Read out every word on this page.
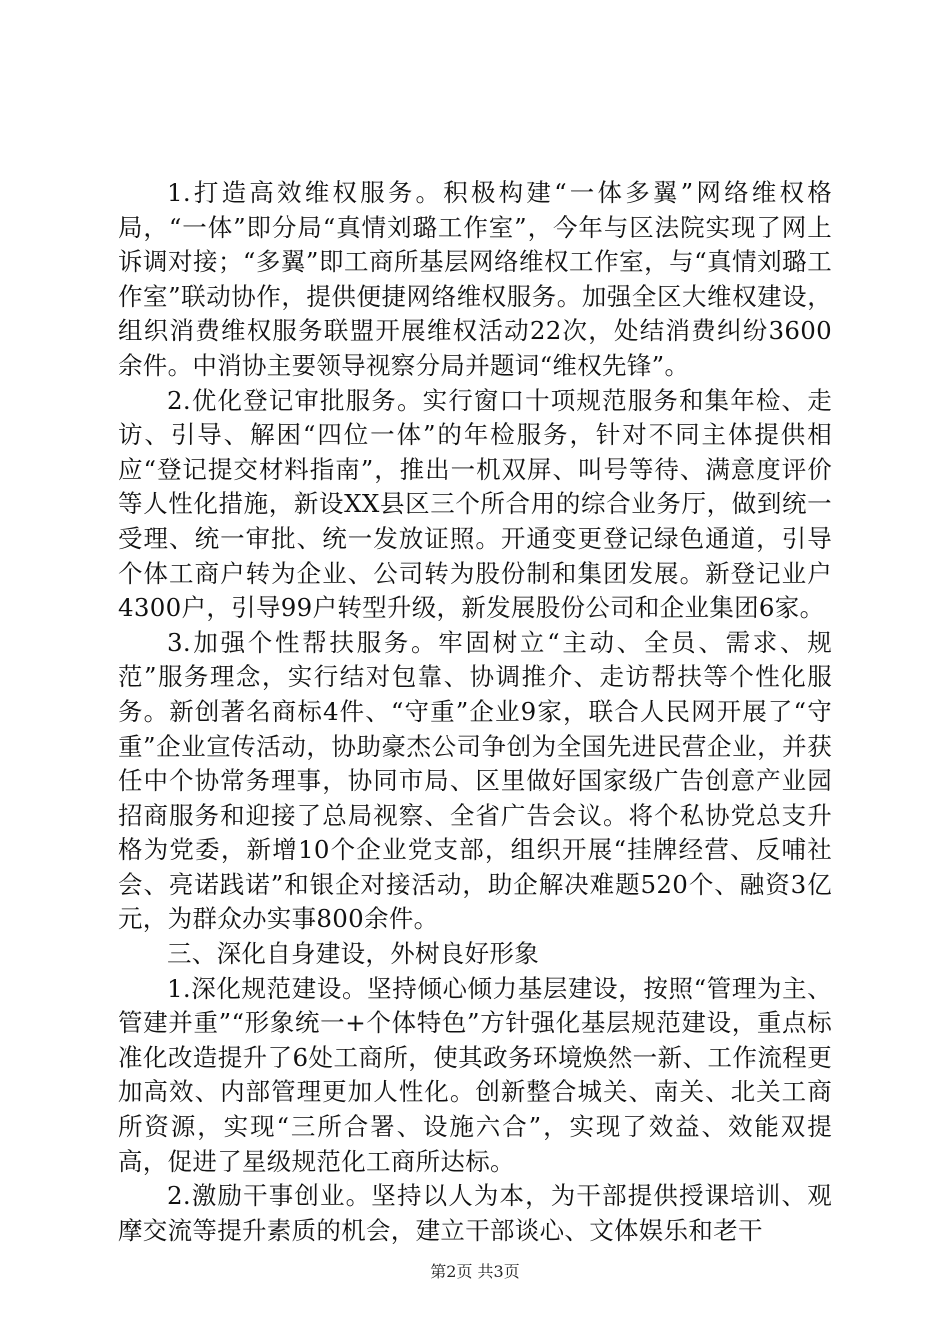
1.打造高效维权服务。积极构建“一体多翼”网络维权格局，“一体”即分局“真情刘璐工作室”，今年与区法院实现了网上诉调对接；“多翼”即工商所基层网络维权工作室，与“真情刘璐工作室”联动协作，提供便捷网络维权服务。加强全区大维权建设，组织消费维权服务联盟开展维权活动22次，处结消费纠纷3600余件。中消协主要领导视察分局并题词“维权先锋”。

2.优化登记审批服务。实行窗口十项规范服务和集年检、走访、引导、解困“四位一体”的年检服务，针对不同主体提供相应“登记提交材料指南”，推出一机双屏、叫号等待、满意度评价等人性化措施，新设XX县区三个所合用的综合业务厅，做到统一受理、统一审批、统一发放证照。开通变更登记绿色通道，引导个体工商户转为企业、公司转为股份制和集团发展。新登记业户4300户，引导99户转型升级，新发展股份公司和企业集团6家。

3.加强个性帮扶服务。牢固树立“主动、全员、需求、规范”服务理念，实行结对包靠、协调推介、走访帮扶等个性化服务。新创著名商标4件、“守重”企业9家，联合人民网开展了“守重”企业宣传活动，协助豪杰公司争创为全国先进民营企业，并获任中个协常务理事，协同市局、区里做好国家级广告创意产业园招商服务和迎接了总局视察、全省广告会议。将个私协党总支升格为党委，新增10个企业党支部，组织开展“挂牌经营、反哺社会、亮诺践诺”和银企对接活动，助企解决难题520个、融资3亿元，为群众办实事800余件。

三、深化自身建设，外树良好形象

1.深化规范建设。坚持倾心倾力基层建设，按照“管理为主、管建并重”“形象统一+个体特色”方针强化基层规范建设，重点标准化改造提升了6处工商所，使其政务环境焕然一新、工作流程更加高效、内部管理更加人性化。创新整合城关、南关、北关工商所资源，实现“三所合署、设施六合”，实现了效益、效能双提高，促进了星级规范化工商所达标。

2.激励干事创业。坚持以人为本，为干部提供授课培训、观摩交流等提升素质的机会，建立干部谈心、文体娱乐和老干

第2页 共3页
